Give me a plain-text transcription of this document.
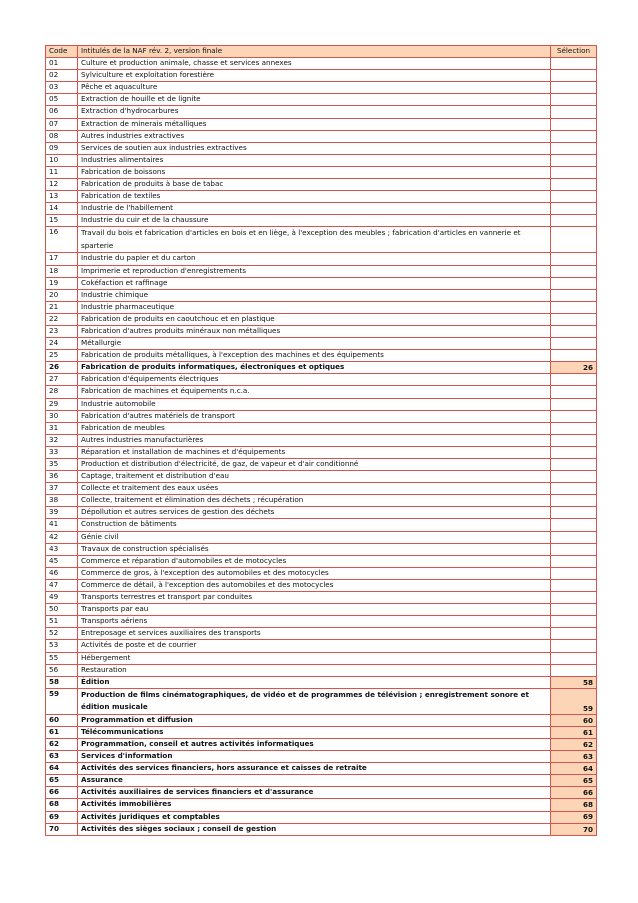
Code	Intitulés de la NAF rév. 2, version finale	Sélection
01	Culture et production animale, chasse et services annexes	
02	Sylviculture et exploitation forestière	
03	Pêche et aquaculture	
05	Extraction de houille et de lignite	
06	Extraction d'hydrocarbures	
07	Extraction de minerais métalliques	
08	Autres industries extractives	
09	Services de soutien aux industries extractives	
10	Industries alimentaires	
11	Fabrication de boissons	
12	Fabrication de produits à base de tabac	
13	Fabrication de textiles	
14	Industrie de l'habillement	
15	Industrie du cuir et de la chaussure	
16	Travail du bois et fabrication d'articles en bois et en liège, à l'exception des meubles ; fabrication d'articles en vannerie et sparterie	
17	Industrie du papier et du carton	
18	Imprimerie et reproduction d'enregistrements	
19	Cokéfaction et raffinage	
20	Industrie chimique	
21	Industrie pharmaceutique	
22	Fabrication de produits en caoutchouc et en plastique	
23	Fabrication d'autres produits minéraux non métalliques	
24	Métallurgie	
25	Fabrication de produits métalliques, à l'exception des machines et des équipements	
26	Fabrication de produits informatiques, électroniques et optiques	26
27	Fabrication d'équipements électriques	
28	Fabrication de machines et équipements n.c.a.	
29	Industrie automobile	
30	Fabrication d'autres matériels de transport	
31	Fabrication de meubles	
32	Autres industries manufacturières	
33	Réparation et installation de machines et d'équipements	
35	Production et distribution d'électricité, de gaz, de vapeur et d'air conditionné	
36	Captage, traitement et distribution d'eau	
37	Collecte et traitement des eaux usées	
38	Collecte, traitement et élimination des déchets ; récupération	
39	Dépollution et autres services de gestion des déchets	
41	Construction de bâtiments	
42	Génie civil	
43	Travaux de construction spécialisés	
45	Commerce et réparation d'automobiles et de motocycles	
46	Commerce de gros, à l'exception des automobiles et des motocycles	
47	Commerce de détail, à l'exception des automobiles et des motocycles	
49	Transports terrestres et transport par conduites	
50	Transports par eau	
51	Transports aériens	
52	Entreposage et services auxiliaires des transports	
53	Activités de poste et de courrier	
55	Hébergement	
56	Restauration	
58	Édition	58
59	Production de films cinématographiques, de vidéo et de programmes de télévision ; enregistrement sonore et édition musicale	59
60	Programmation et diffusion	60
61	Télécommunications	61
62	Programmation, conseil et autres activités informatiques	62
63	Services d'information	63
64	Activités des services financiers, hors assurance et caisses de retraite	64
65	Assurance	65
66	Activités auxiliaires de services financiers et d'assurance	66
68	Activités immobilières	68
69	Activités juridiques et comptables	69
70	Activités des sièges sociaux ; conseil de gestion	70
